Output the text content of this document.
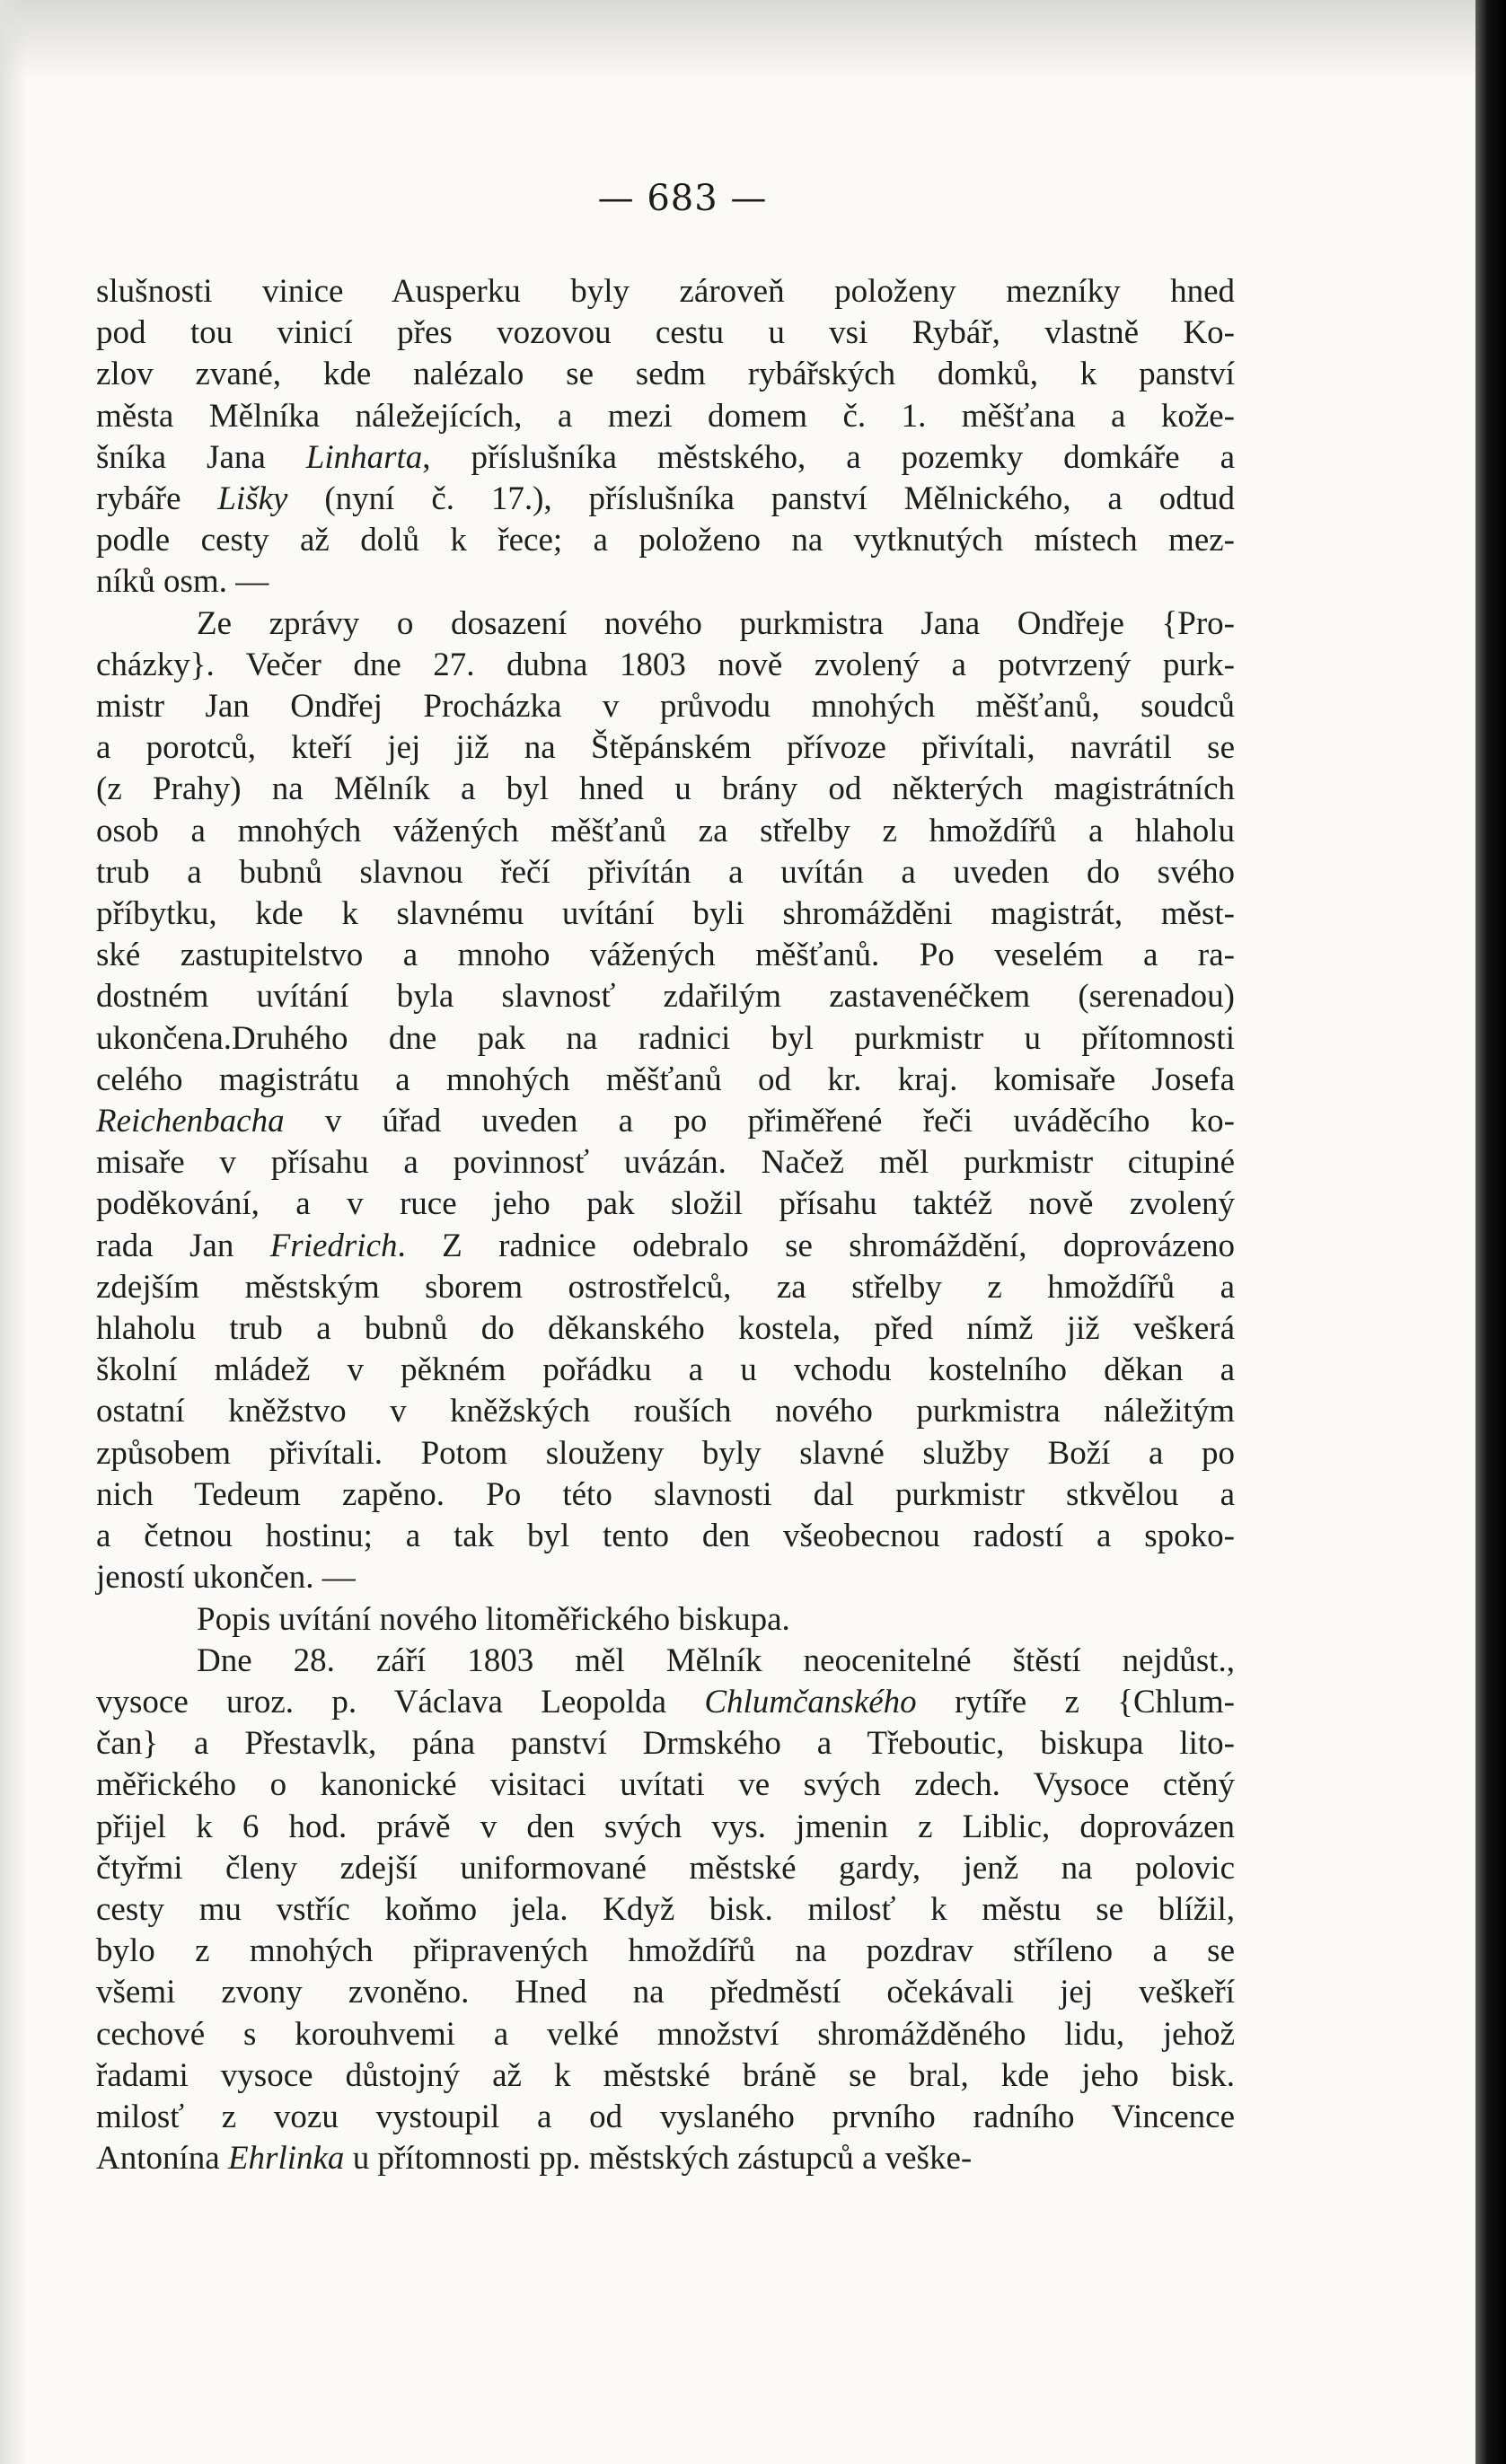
— 683 —

slušnosti vinice Ausperku byly zároveň položeny mezníky hned
pod tou vinicí přes vozovou cestu u vsi Rybář, vlastně Ko-
zlov zvané, kde nalézalo se sedm rybářských domků, k panství
města Mělníka náležejících, a mezi domem č. 1. měšťana a kože-
šníka Jana Linharta, příslušníka městského, a pozemky domkáře a
rybáře Lišky (nyní č. 17.), příslušníka panství Mělnického, a odtud
podle cesty až dolů k řece; a položeno na vytknutých místech mez-
níků osm. —

Ze zprávy o dosazení nového purkmistra Jana Ondřeje {Pro-
cházky}. Večer dne 27. dubna 1803 nově zvolený a potvrzený purk-
mistr Jan Ondřej Procházka v průvodu mnohých měšťanů, soudců
a porotců, kteří jej již na Štěpánském přívoze přivítali, navrátil se
(z Prahy) na Mělník a byl hned u brány od některých magistrátních
osob a mnohých vážených měšťanů za střelby z hmoždířů a hlaholu
trub a bubnů slavnou řečí přivítán a uvítán a uveden do svého
příbytku, kde k slavnému uvítání byli shromážděni magistrát, měst-
ské zastupitelstvo a mnoho vážených měšťanů. Po veselém a ra-
dostném uvítání byla slavnosť zdařilým zastavenéčkem (serenadou)
ukončena.Druhého dne pak na radnici byl purkmistr u přítomnosti
celého magistrátu a mnohých měšťanů od kr. kraj. komisaře Josefa
Reichenbacha v úřad uveden a po přiměřené řeči uváděcího ko-
misaře v přísahu a povinnosť uvázán. Načež měl purkmistr citupiné
poděkování, a v ruce jeho pak složil přísahu taktéž nově zvolený
rada Jan Friedrich. Z radnice odebralo se shromáždění, doprovázeno
zdejším městským sborem ostrostřelců, za střelby z hmoždířů a
hlaholu trub a bubnů do děkanského kostela, před nímž již veškerá
školní mládež v pěkném pořádku a u vchodu kostelního děkan a
ostatní kněžstvo v kněžských rouších nového purkmistra náležitým
způsobem přivítali. Potom slouženy byly slavné služby Boží a po
nich Tedeum zapěno. Po této slavnosti dal purkmistr stkvělou a
a četnou hostinu; a tak byl tento den všeobecnou radostí a spoko-
jeností ukončen. —

Popis uvítání nového litoměřického biskupa.

Dne 28. září 1803 měl Mělník neocenitelné štěstí nejdůst.,
vysoce uroz. p. Václava Leopolda Chlumčanského rytíře z {Chlum-
čan} a Přestavlk, pána panství Drmského a Třeboutic, biskupa lito-
měřického o kanonické visitaci uvítati ve svých zdech. Vysoce ctěný
přijel k 6 hod. právě v den svých vys. jmenin z Liblic, doprovázen
čtyřmi členy zdejší uniformované městské gardy, jenž na polovic
cesty mu vstříc koňmo jela. Když bisk. milosť k městu se blížil,
bylo z mnohých připravených hmoždířů na pozdrav stříleno a se
všemi zvony zvoněno. Hned na předměstí očekávali jej veškeří
cechové s korouhvemi a velké množství shromážděného lidu, jehož
řadami vysoce důstojný až k městské bráně se bral, kde jeho bisk.
milosť z vozu vystoupil a od vyslaného prvního radního Vincence
Antonína Ehrlinka u přítomnosti pp. městských zástupců a veške-
